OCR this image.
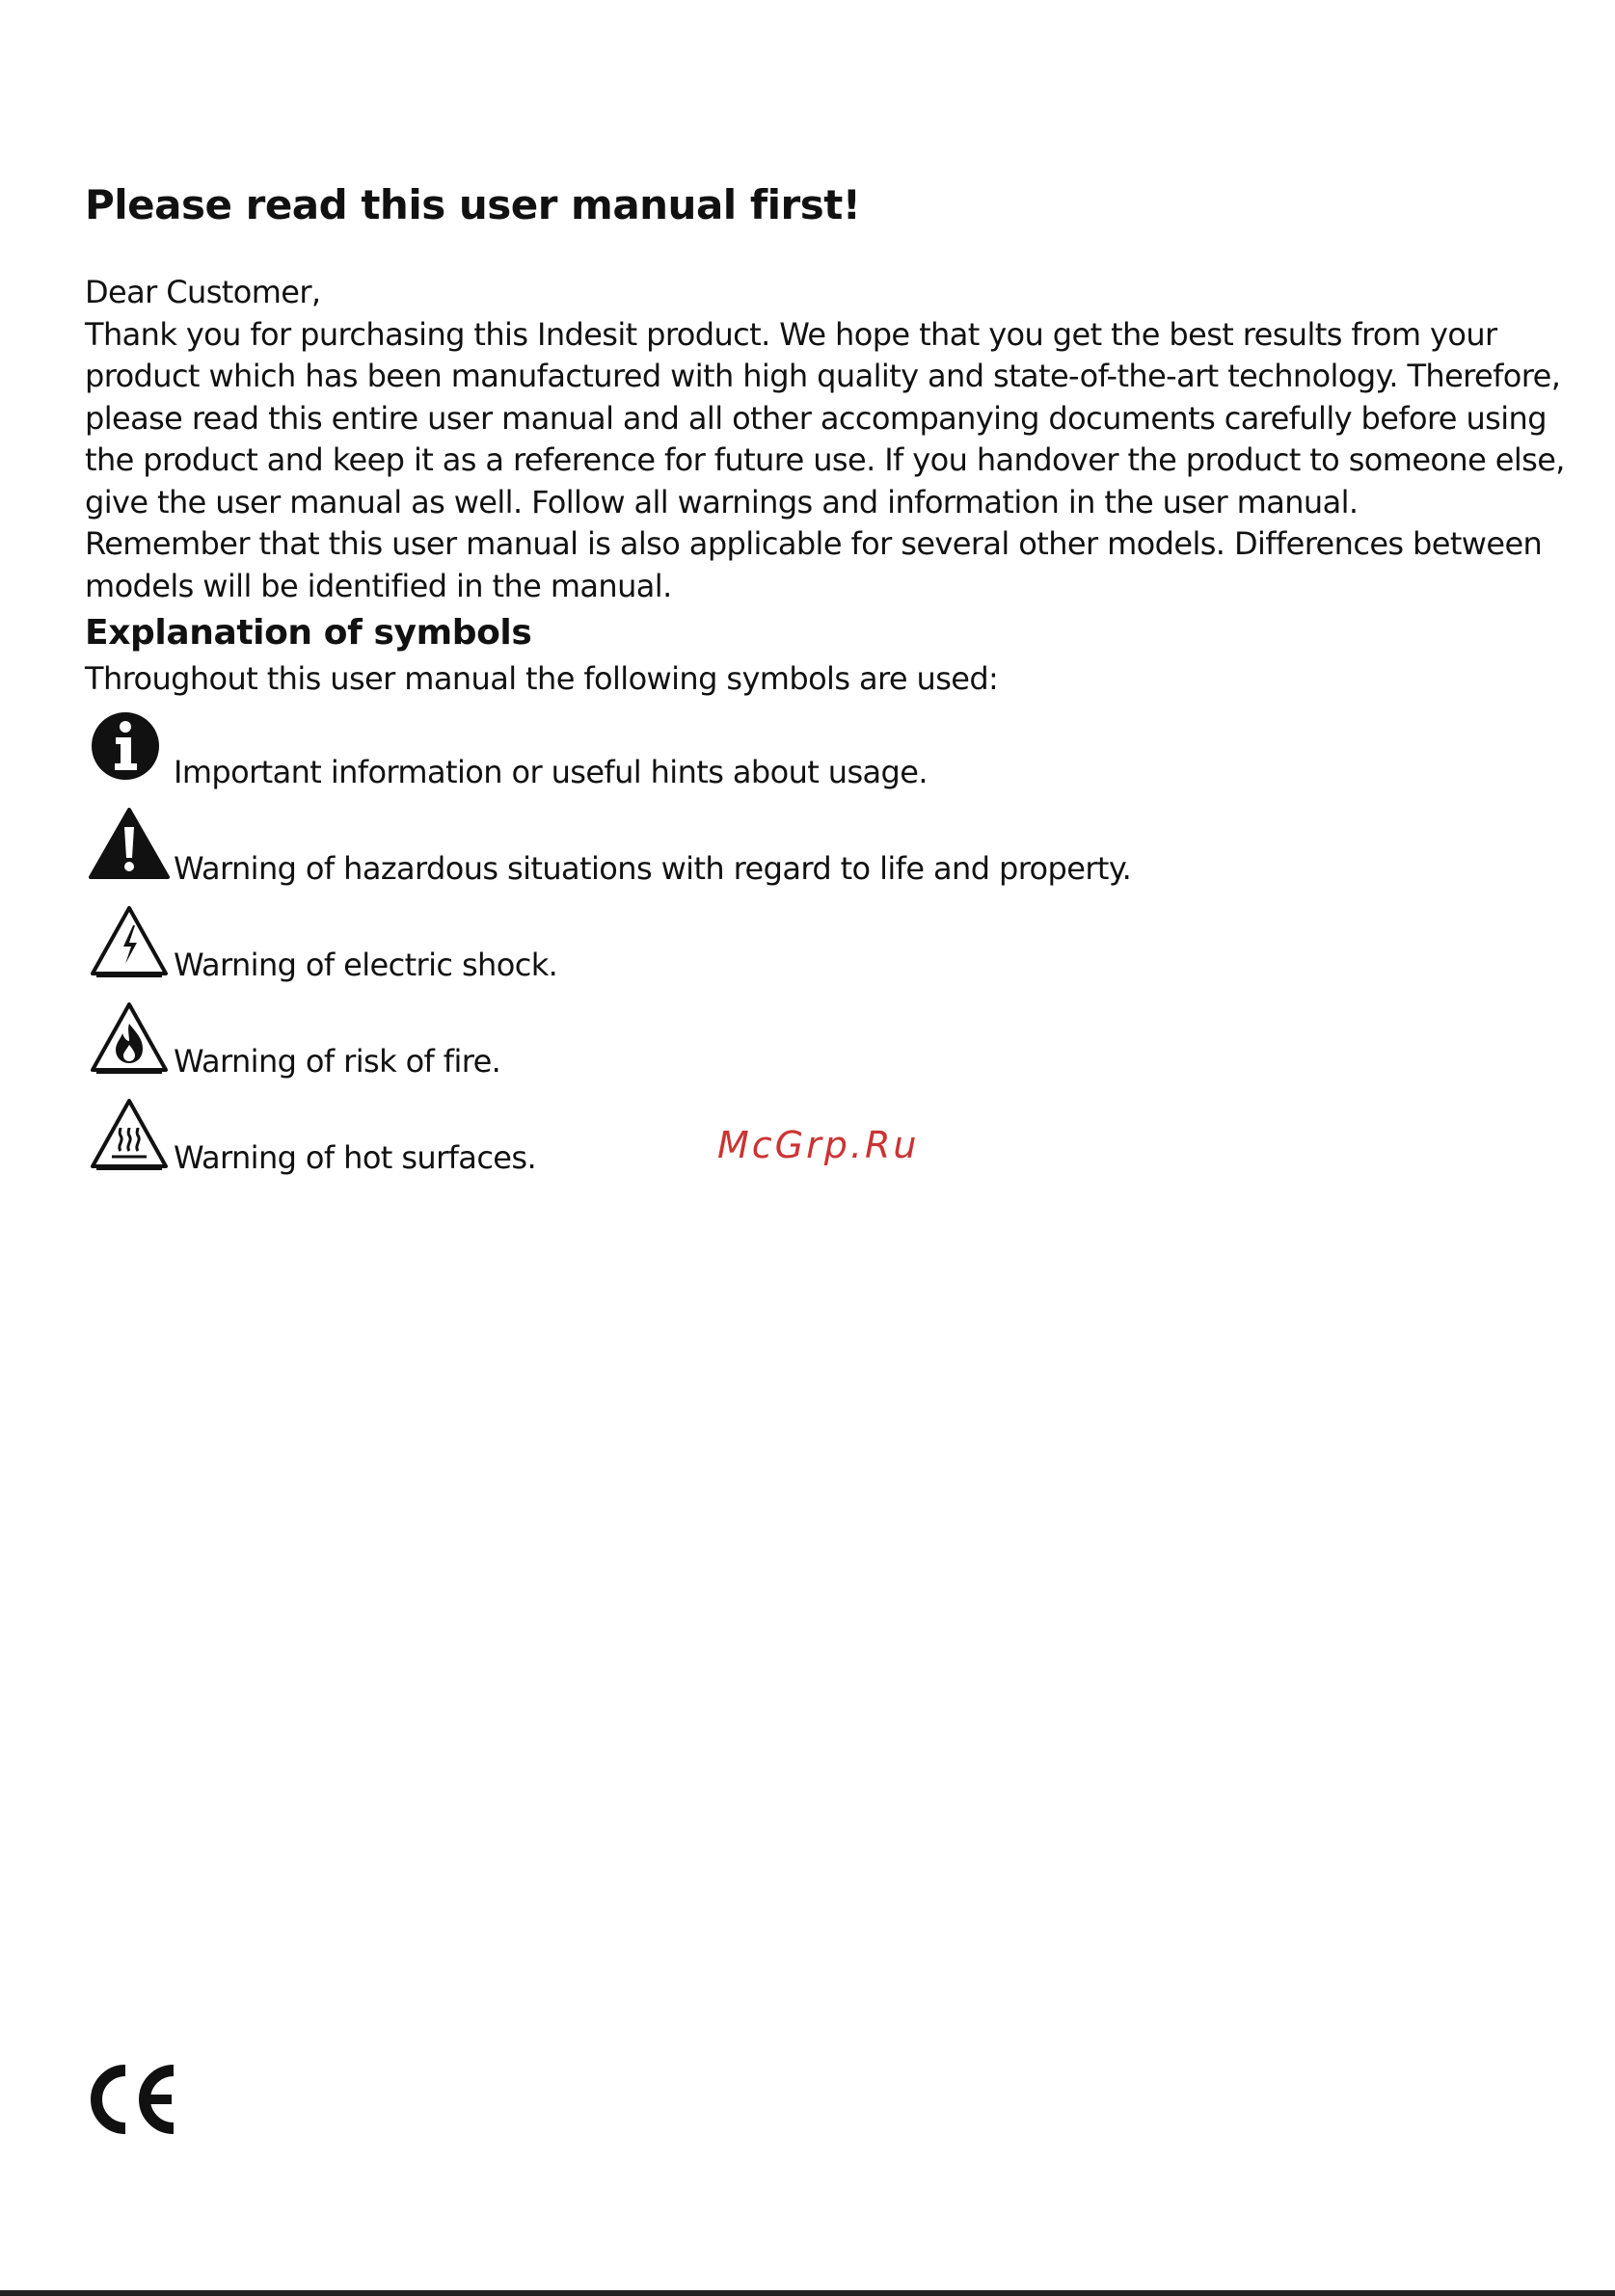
Please read this user manual first!

Dear Customer,
Thank you for purchasing this Indesit product. We hope that you get the best results from your
product which has been manufactured with high quality and state-of-the-art technology. Therefore,
please read this entire user manual and all other accompanying documents carefully before using
the product and keep it as a reference for future use. If you handover the product to someone else,
give the user manual as well. Follow all warnings and information in the user manual.
Remember that this user manual is also applicable for several other models. Differences between
models will be identified in the manual.

Explanation of symbols

Throughout this user manual the following symbols are used:

Important information or useful hints about usage.
Warning of hazardous situations with regard to life and property.
Warning of electric shock.
Warning of risk of fire.
Warning of hot surfaces.	McGrp.Ru
